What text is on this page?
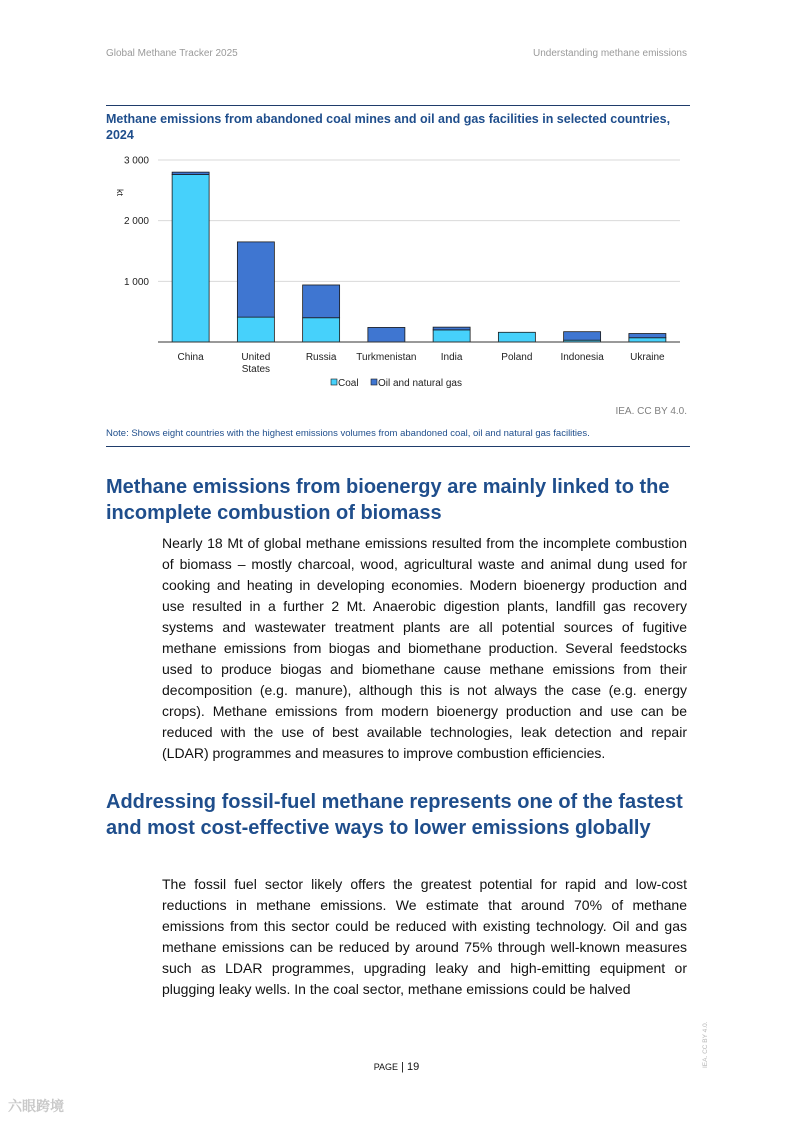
Global Methane Tracker 2025	Understanding methane emissions
Methane emissions from abandoned coal mines and oil and gas facilities in selected countries, 2024
1 000
2 000
3 000
kt
China	United
States
Russia Turkmenistan India	Poland	Indonesia	Ukraine
Coal Oil and natural gas
IEA. CC BY 4.0.
Note: Shows eight countries with the highest emissions volumes from abandoned coal, oil and natural gas facilities.
Methane emissions from bioenergy are mainly linked to the incomplete combustion of biomass

Nearly 18 Mt of global methane emissions resulted from the incomplete combustion of biomass – mostly charcoal, wood, agricultural waste and animal dung used for cooking and heating in developing economies. Modern bioenergy production and use resulted in a further 2 Mt. Anaerobic digestion plants, landfill gas recovery systems and wastewater treatment plants are all potential sources of fugitive methane emissions from biogas and biomethane production. Several feedstocks used to produce biogas and biomethane cause methane emissions from their decomposition (e.g. manure), although this is not always the case (e.g. energy crops). Methane emissions from modern bioenergy production and use can be reduced with the use of best available technologies, leak detection and repair (LDAR) programmes and measures to improve combustion efficiencies.

Addressing fossil-fuel methane represents one of the fastest and most cost-effective ways to lower emissions globally

The fossil fuel sector likely offers the greatest potential for rapid and low-cost reductions in methane emissions. We estimate that around 70% of methane emissions from this sector could be reduced with existing technology. Oil and gas methane emissions can be reduced by around 75% through well-known measures such as LDAR programmes, upgrading leaky and high-emitting equipment or plugging leaky wells. In the coal sector, methane emissions could be halved

PAGE | 19	IEA. CC BY 4.0.
六眼跨境
